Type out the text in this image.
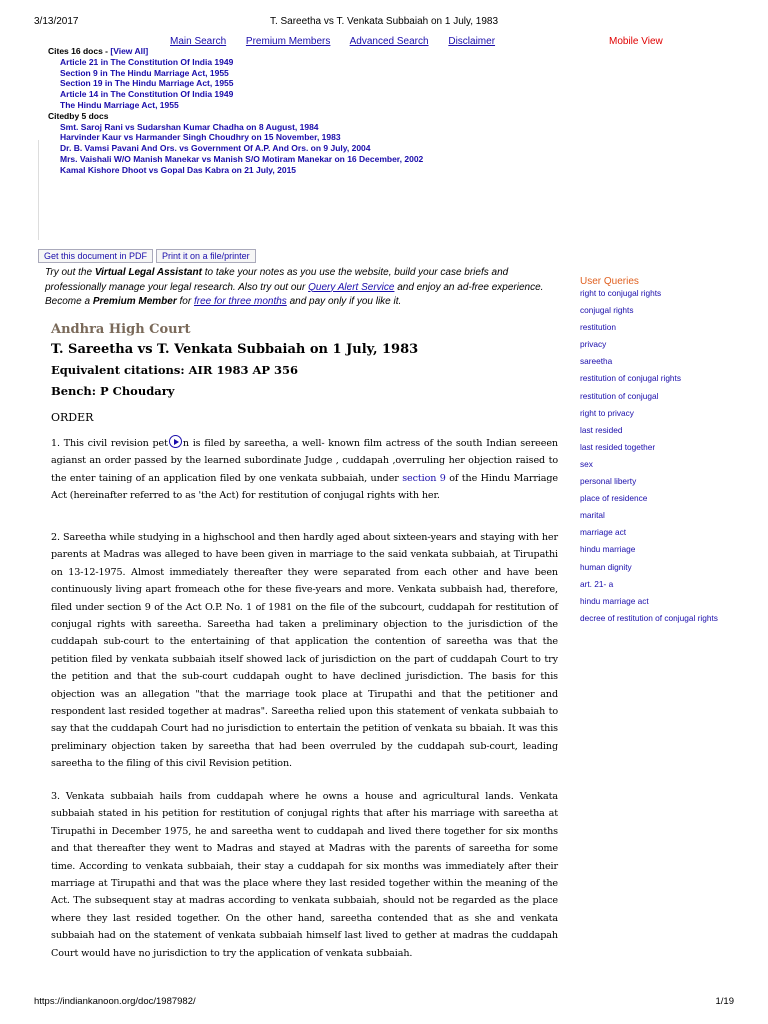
3/13/2017	T. Sareetha vs T. Venkata Subbaiah on 1 July, 1983
Main Search Premium Members Advanced Search Disclaimer	Mobile View
Cites 16 docs - [View All]
Article 21 in The Constitution Of India 1949
Section 9 in The Hindu Marriage Act, 1955
Section 19 in The Hindu Marriage Act, 1955
Article 14 in The Constitution Of India 1949
The Hindu Marriage Act, 1955
Citedby 5 docs
Smt. Saroj Rani vs Sudarshan Kumar Chadha on 8 August, 1984
Harvinder Kaur vs Harmander Singh Choudhry on 15 November, 1983
Dr. B. Vamsi Pavani And Ors. vs Government Of A.P. And Ors. on 9 July, 2004
Mrs. Vaishali W/O Manish Manekar vs Manish S/O Motiram Manekar on 16 December, 2002
Kamal Kishore Dhoot vs Gopal Das Kabra on 21 July, 2015
Get this document in PDF	Print it on a file/printer
Try out the Virtual Legal Assistant to take your notes as you use the website, build your case briefs and professionally manage your legal research. Also try out our Query Alert Service and enjoy an ad-free experience. Become a Premium Member for free for three months and pay only if you like it.
Andhra High Court
T. Sareetha vs T. Venkata Subbaiah on 1 July, 1983
Equivalent citations: AIR 1983 AP 356
Bench: P Choudary
ORDER
1. This civil revision pet n is filed by sareetha, a well- known film actress of the south Indian sereeen agianst an order passed by the learned subordinate Judge , cuddapah ,overruling her objection raised to the enter taining of an application filed by one venkata subbaiah, under section 9 of the Hindu Marriage Act (hereinafter referred to as 'the Act) for restitution of conjugal rights with her.
2. Sareetha while studying in a highschool and then hardly aged about sixteen-years and staying with her parents at Madras was alleged to have been given in marriage to the said venkata subbaiah, at Tirupathi on 13-12-1975. Almost immediately thereafter they were separated from each other and have been continuously living apart fromeach othe for these five-years and more. Venkata subbaish had, therefore, filed under section 9 of the Act O.P. No. 1 of 1981 on the file of the subcourt, cuddapah for restitution of conjugal rights with sareetha. Sareetha had taken a preliminary objection to the jurisdiction of the cuddapah sub-court to the entertaining of that application the contention of sareetha was that the petition filed by venkata subbaiah itself showed lack of jurisdiction on the part of cuddapah Court to try the petition and that the sub-court cuddapah ought to have declined jurisdiction. The basis for this objection was an allegation "that the marriage took place at Tirupathi and that the petitioner and respondent last resided together at madras". Sareetha relied upon this statement of venkata subbaiah to say that the cuddapah Court had no jurisdiction to entertain the petition of venkata su bbaiah. It was this preliminary objection taken by sareetha that had been overruled by the cuddapah sub-court, leading sareetha to the filing of this civil Revision petition.
3. Venkata subbaiah hails from cuddapah where he owns a house and agricultural lands. Venkata subbaiah stated in his petition for restitution of conjugal rights that after his marriage with sareetha at Tirupathi in December 1975, he and sareetha went to cuddapah and lived there together for six months and that thereafter they went to Madras and stayed at Madras with the parents of sareetha for some time. According to venkata subbaiah, their stay a cuddapah for six months was immediately after their marriage at Tirupathi and that was the place where they last resided together within the meaning of the Act. The subsequent stay at madras according to venkata subbaiah, should not be regarded as the place where they last resided together. On the other hand, sareetha contended that as she and venkata subbaiah had on the statement of venkata subbaiah himself last lived to gether at madras the cuddapah Court would have no jurisdiction to try the application of venkata subbaiah.
User Queries
right to conjugal rights
conjugal rights
restitution
privacy
sareetha
restitution of conjugal rights
restitution of conjugal
right to privacy
last resided
last resided together
sex
personal liberty
place of residence
marital
marriage act
hindu marriage
human dignity
art. 21- a
hindu marriage act
decree of restitution of conjugal rights
https://indiankanoon.org/doc/1987982/	1/19
